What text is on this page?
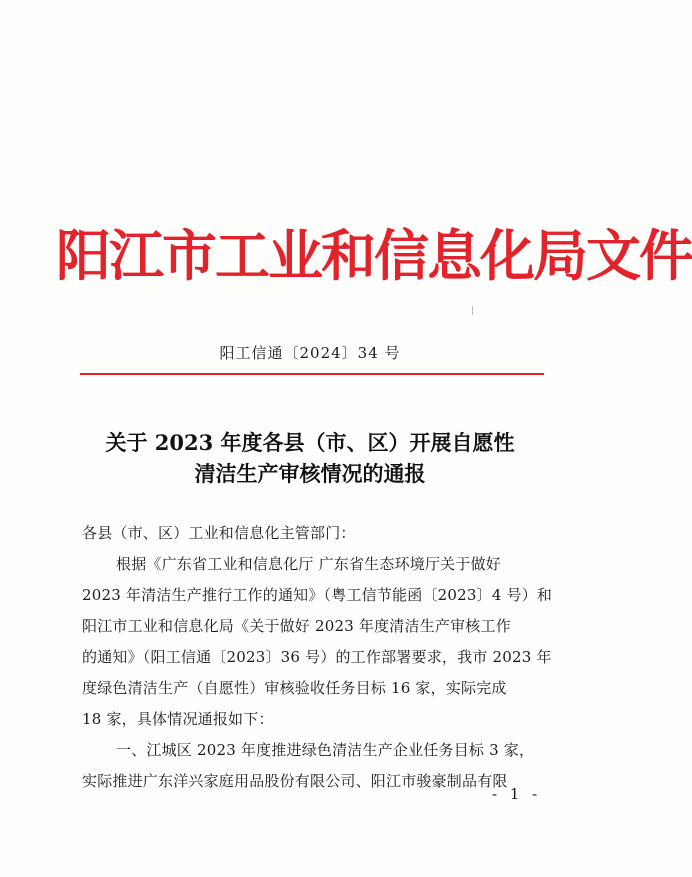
阳江市工业和信息化局文件
阳工信通〔2024〕34 号
关于 2023 年度各县（市、区）开展自愿性
清洁生产审核情况的通报
各县（市、区）工业和信息化主管部门：
根据《广东省工业和信息化厅 广东省生态环境厅关于做好
2023 年清洁生产推行工作的通知》（粤工信节能函〔2023〕4 号）和
阳江市工业和信息化局《关于做好 2023 年度清洁生产审核工作
的通知》（阳工信通〔2023〕36 号）的工作部署要求，我市 2023 年
度绿色清洁生产（自愿性）审核验收任务目标 16 家，实际完成
18 家，具体情况通报如下：
一、江城区 2023 年度推进绿色清洁生产企业任务目标 3 家，
实际推进广东洋兴家庭用品股份有限公司、阳江市骏豪制品有限
- 1 -
